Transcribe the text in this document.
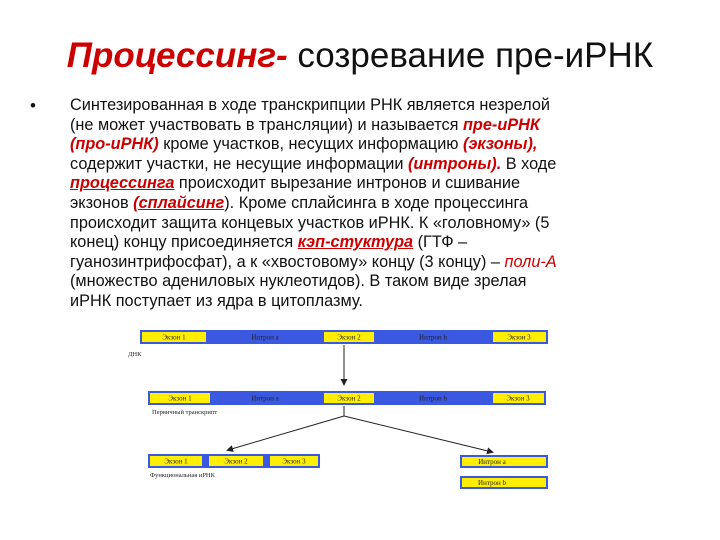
Процессинг- созревание пре-иРНК
• Синтезированная в ходе транскрипции РНК является незрелой
(не может участвовать в трансляции) и называется пре-иРНК
(про-иРНК) кроме участков, несущих информацию (экзоны),
содержит участки, не несущие информации (интроны). В ходе
процессинга происходит вырезание интронов и сшивание
экзонов (сплайсинг). Кроме сплайсинга в ходе процессинга
происходит защита концевых участков иРНК. К «головному» (5
конец) концу присоединяется кэп-стуктура (ГТФ –
гуанозинтрифосфат), а к «хвостовому» концу (3 концу) – поли-А
(множество адениловых нуклеотидов). В таком виде зрелая
иРНК поступает из ядра в цитоплазму.
Экзон 1	Интрон а	Экзон 2	Интрон b	Экзон 3
ДНК
Экзон 1	Интрон а	Экзон 2	Интрон b	Экзон 3
Первичный транскрипт
Экзон 1	Экзон 2	Экзон 3
Функциональная иРНК
Интрон а
Интрон b
